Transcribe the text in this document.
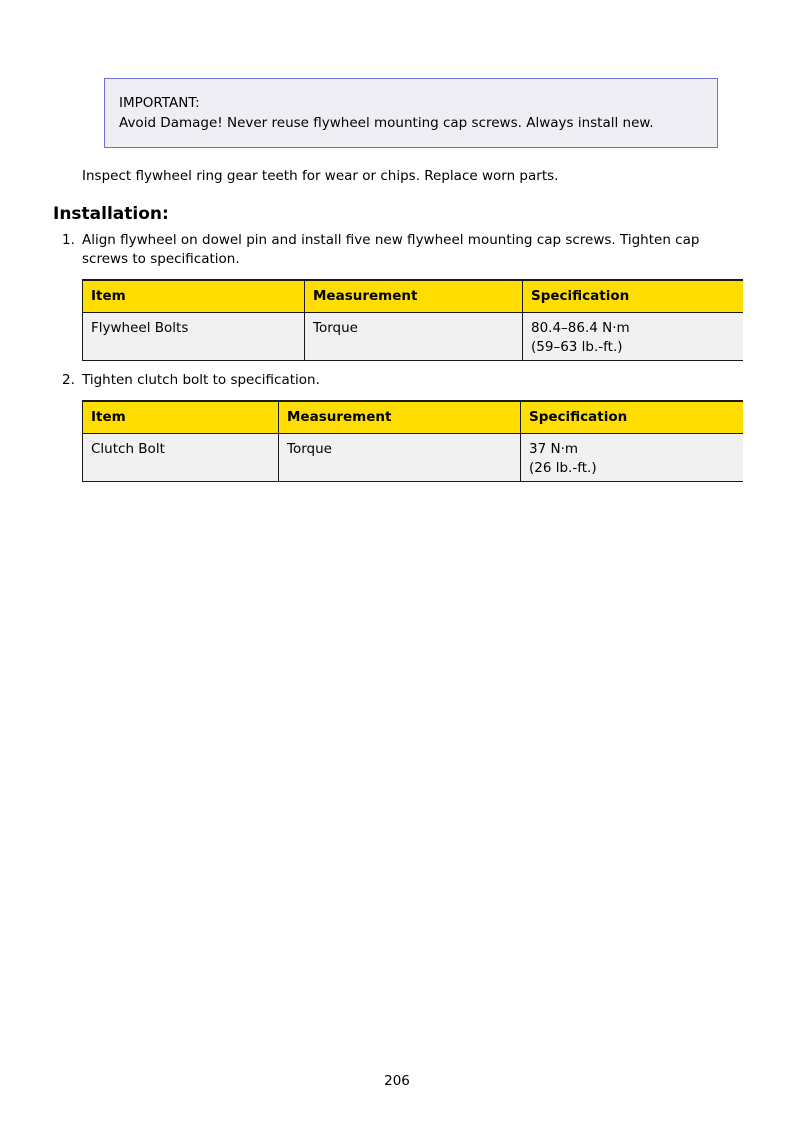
IMPORTANT:
Avoid Damage! Never reuse flywheel mounting cap screws. Always install new.
Inspect flywheel ring gear teeth for wear or chips. Replace worn parts.
Installation:
1. Align flywheel on dowel pin and install five new flywheel mounting cap screws. Tighten cap screws to specification.
Item	Measurement	Specification
Flywheel Bolts	Torque	80.4–86.4 N·m
(59–63 lb.-ft.)
2. Tighten clutch bolt to specification.
Item	Measurement	Specification
Clutch Bolt	Torque	37 N·m
(26 lb.-ft.)
206
